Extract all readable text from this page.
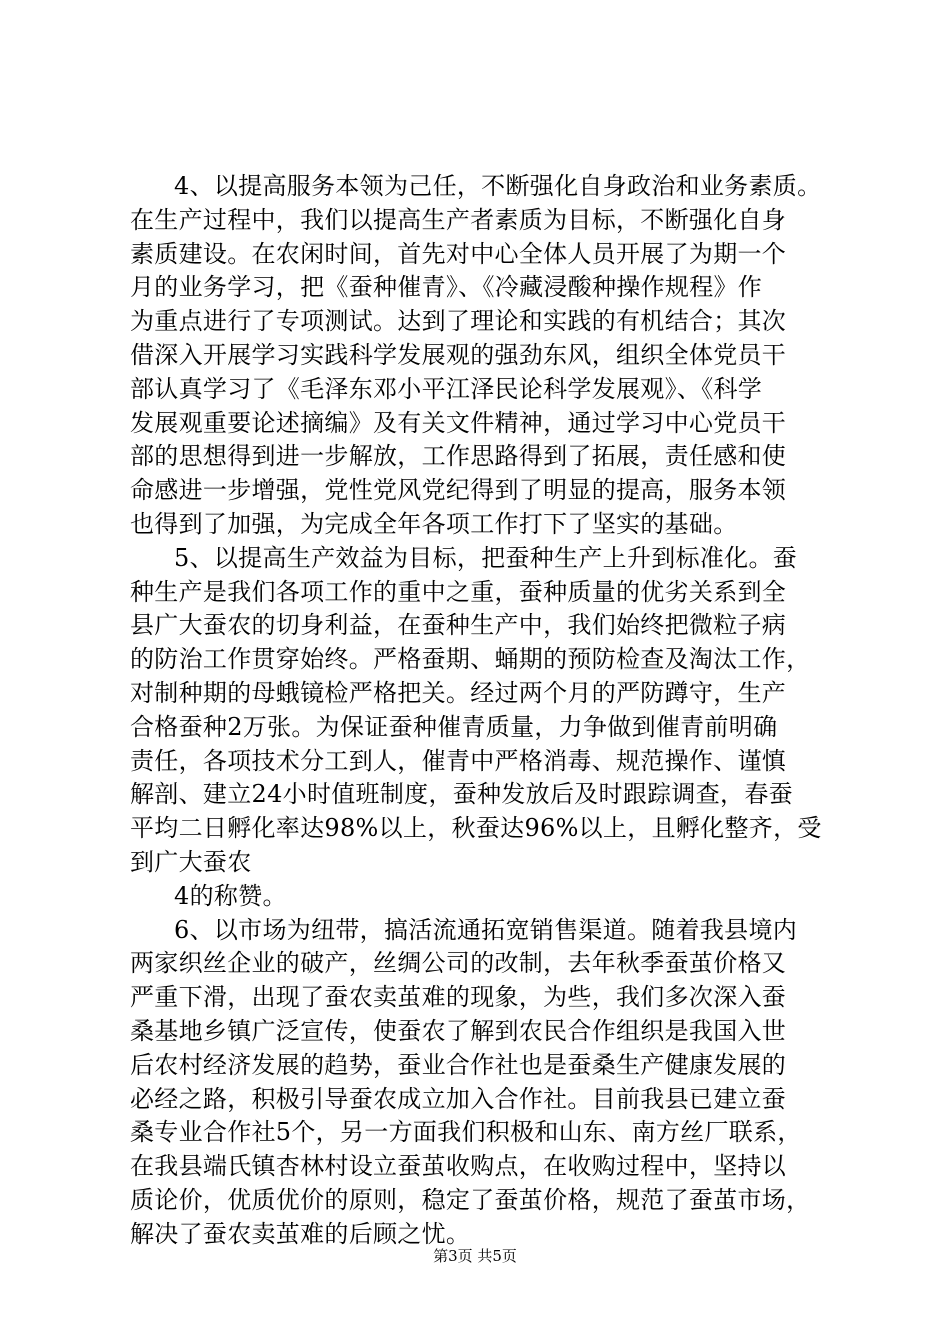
4、以提高服务本领为己任，不断强化自身政治和业务素质。
在生产过程中，我们以提高生产者素质为目标，不断强化自身
素质建设。在农闲时间，首先对中心全体人员开展了为期一个
月的业务学习，把《蚕种催青》、《冷藏浸酸种操作规程》作
为重点进行了专项测试。达到了理论和实践的有机结合；其次
借深入开展学习实践科学发展观的强劲东风，组织全体党员干
部认真学习了《毛泽东邓小平江泽民论科学发展观》、《科学
发展观重要论述摘编》及有关文件精神，通过学习中心党员干
部的思想得到进一步解放，工作思路得到了拓展，责任感和使
命感进一步增强，党性党风党纪得到了明显的提高，服务本领
也得到了加强，为完成全年各项工作打下了坚实的基础。
5、以提高生产效益为目标，把蚕种生产上升到标准化。蚕
种生产是我们各项工作的重中之重，蚕种质量的优劣关系到全
县广大蚕农的切身利益，在蚕种生产中，我们始终把微粒子病
的防治工作贯穿始终。严格蚕期、蛹期的预防检查及淘汰工作，
对制种期的母蛾镜检严格把关。经过两个月的严防蹲守，生产
合格蚕种2万张。为保证蚕种催青质量，力争做到催青前明确
责任，各项技术分工到人，催青中严格消毒、规范操作、谨慎
解剖、建立24小时值班制度，蚕种发放后及时跟踪调查，春蚕
平均二日孵化率达98%以上，秋蚕达96%以上，且孵化整齐，受
到广大蚕农
4的称赞。
6、以市场为纽带，搞活流通拓宽销售渠道。随着我县境内
两家织丝企业的破产，丝绸公司的改制，去年秋季蚕茧价格又
严重下滑，出现了蚕农卖茧难的现象，为些，我们多次深入蚕
桑基地乡镇广泛宣传，使蚕农了解到农民合作组织是我国入世
后农村经济发展的趋势，蚕业合作社也是蚕桑生产健康发展的
必经之路，积极引导蚕农成立加入合作社。目前我县已建立蚕
桑专业合作社5个，另一方面我们积极和山东、南方丝厂联系，
在我县端氏镇杏林村设立蚕茧收购点，在收购过程中，坚持以
质论价，优质优价的原则，稳定了蚕茧价格，规范了蚕茧市场，
解决了蚕农卖茧难的后顾之忧。
第3页 共5页
